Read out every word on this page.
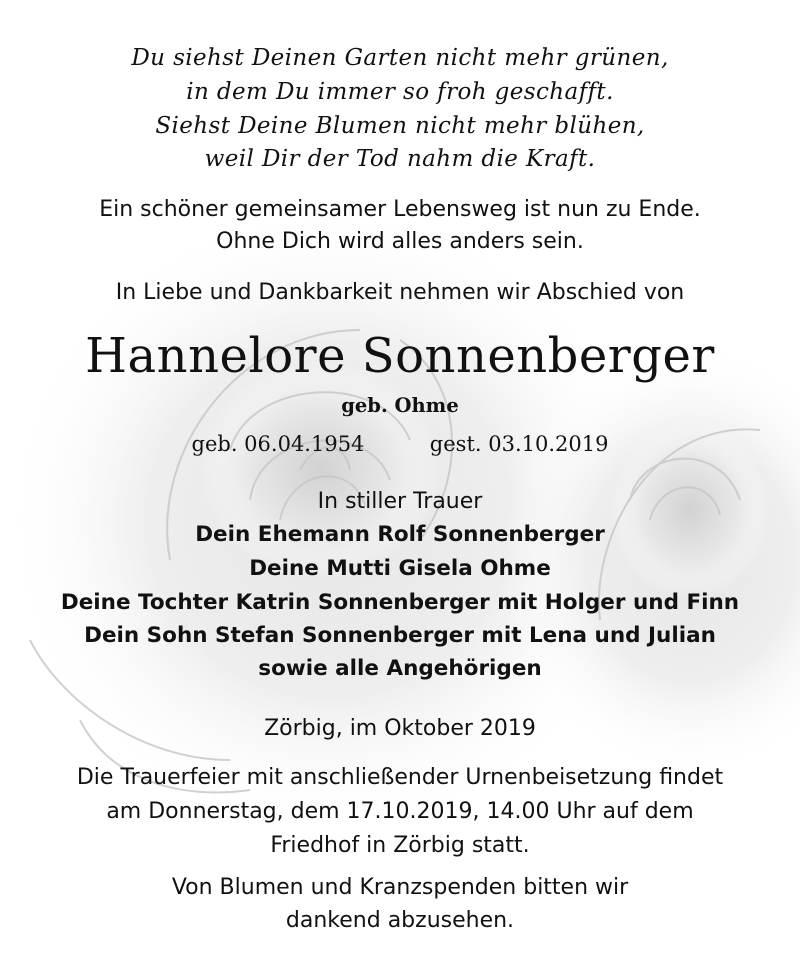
Du siehst Deinen Garten nicht mehr grünen,
in dem Du immer so froh geschafft.
Siehst Deine Blumen nicht mehr blühen,
weil Dir der Tod nahm die Kraft.
Ein schöner gemeinsamer Lebensweg ist nun zu Ende.
Ohne Dich wird alles anders sein.
In Liebe und Dankbarkeit nehmen wir Abschied von
Hannelore Sonnenberger
geb. Ohme
geb. 06.04.1954	gest. 03.10.2019
In stiller Trauer
Dein Ehemann Rolf Sonnenberger
Deine Mutti Gisela Ohme
Deine Tochter Katrin Sonnenberger mit Holger und Finn
Dein Sohn Stefan Sonnenberger mit Lena und Julian
sowie alle Angehörigen
Zörbig, im Oktober 2019
Die Trauerfeier mit anschließender Urnenbeisetzung findet
am Donnerstag, dem 17.10.2019, 14.00 Uhr auf dem
Friedhof in Zörbig statt.
Von Blumen und Kranzspenden bitten wir
dankend abzusehen.
